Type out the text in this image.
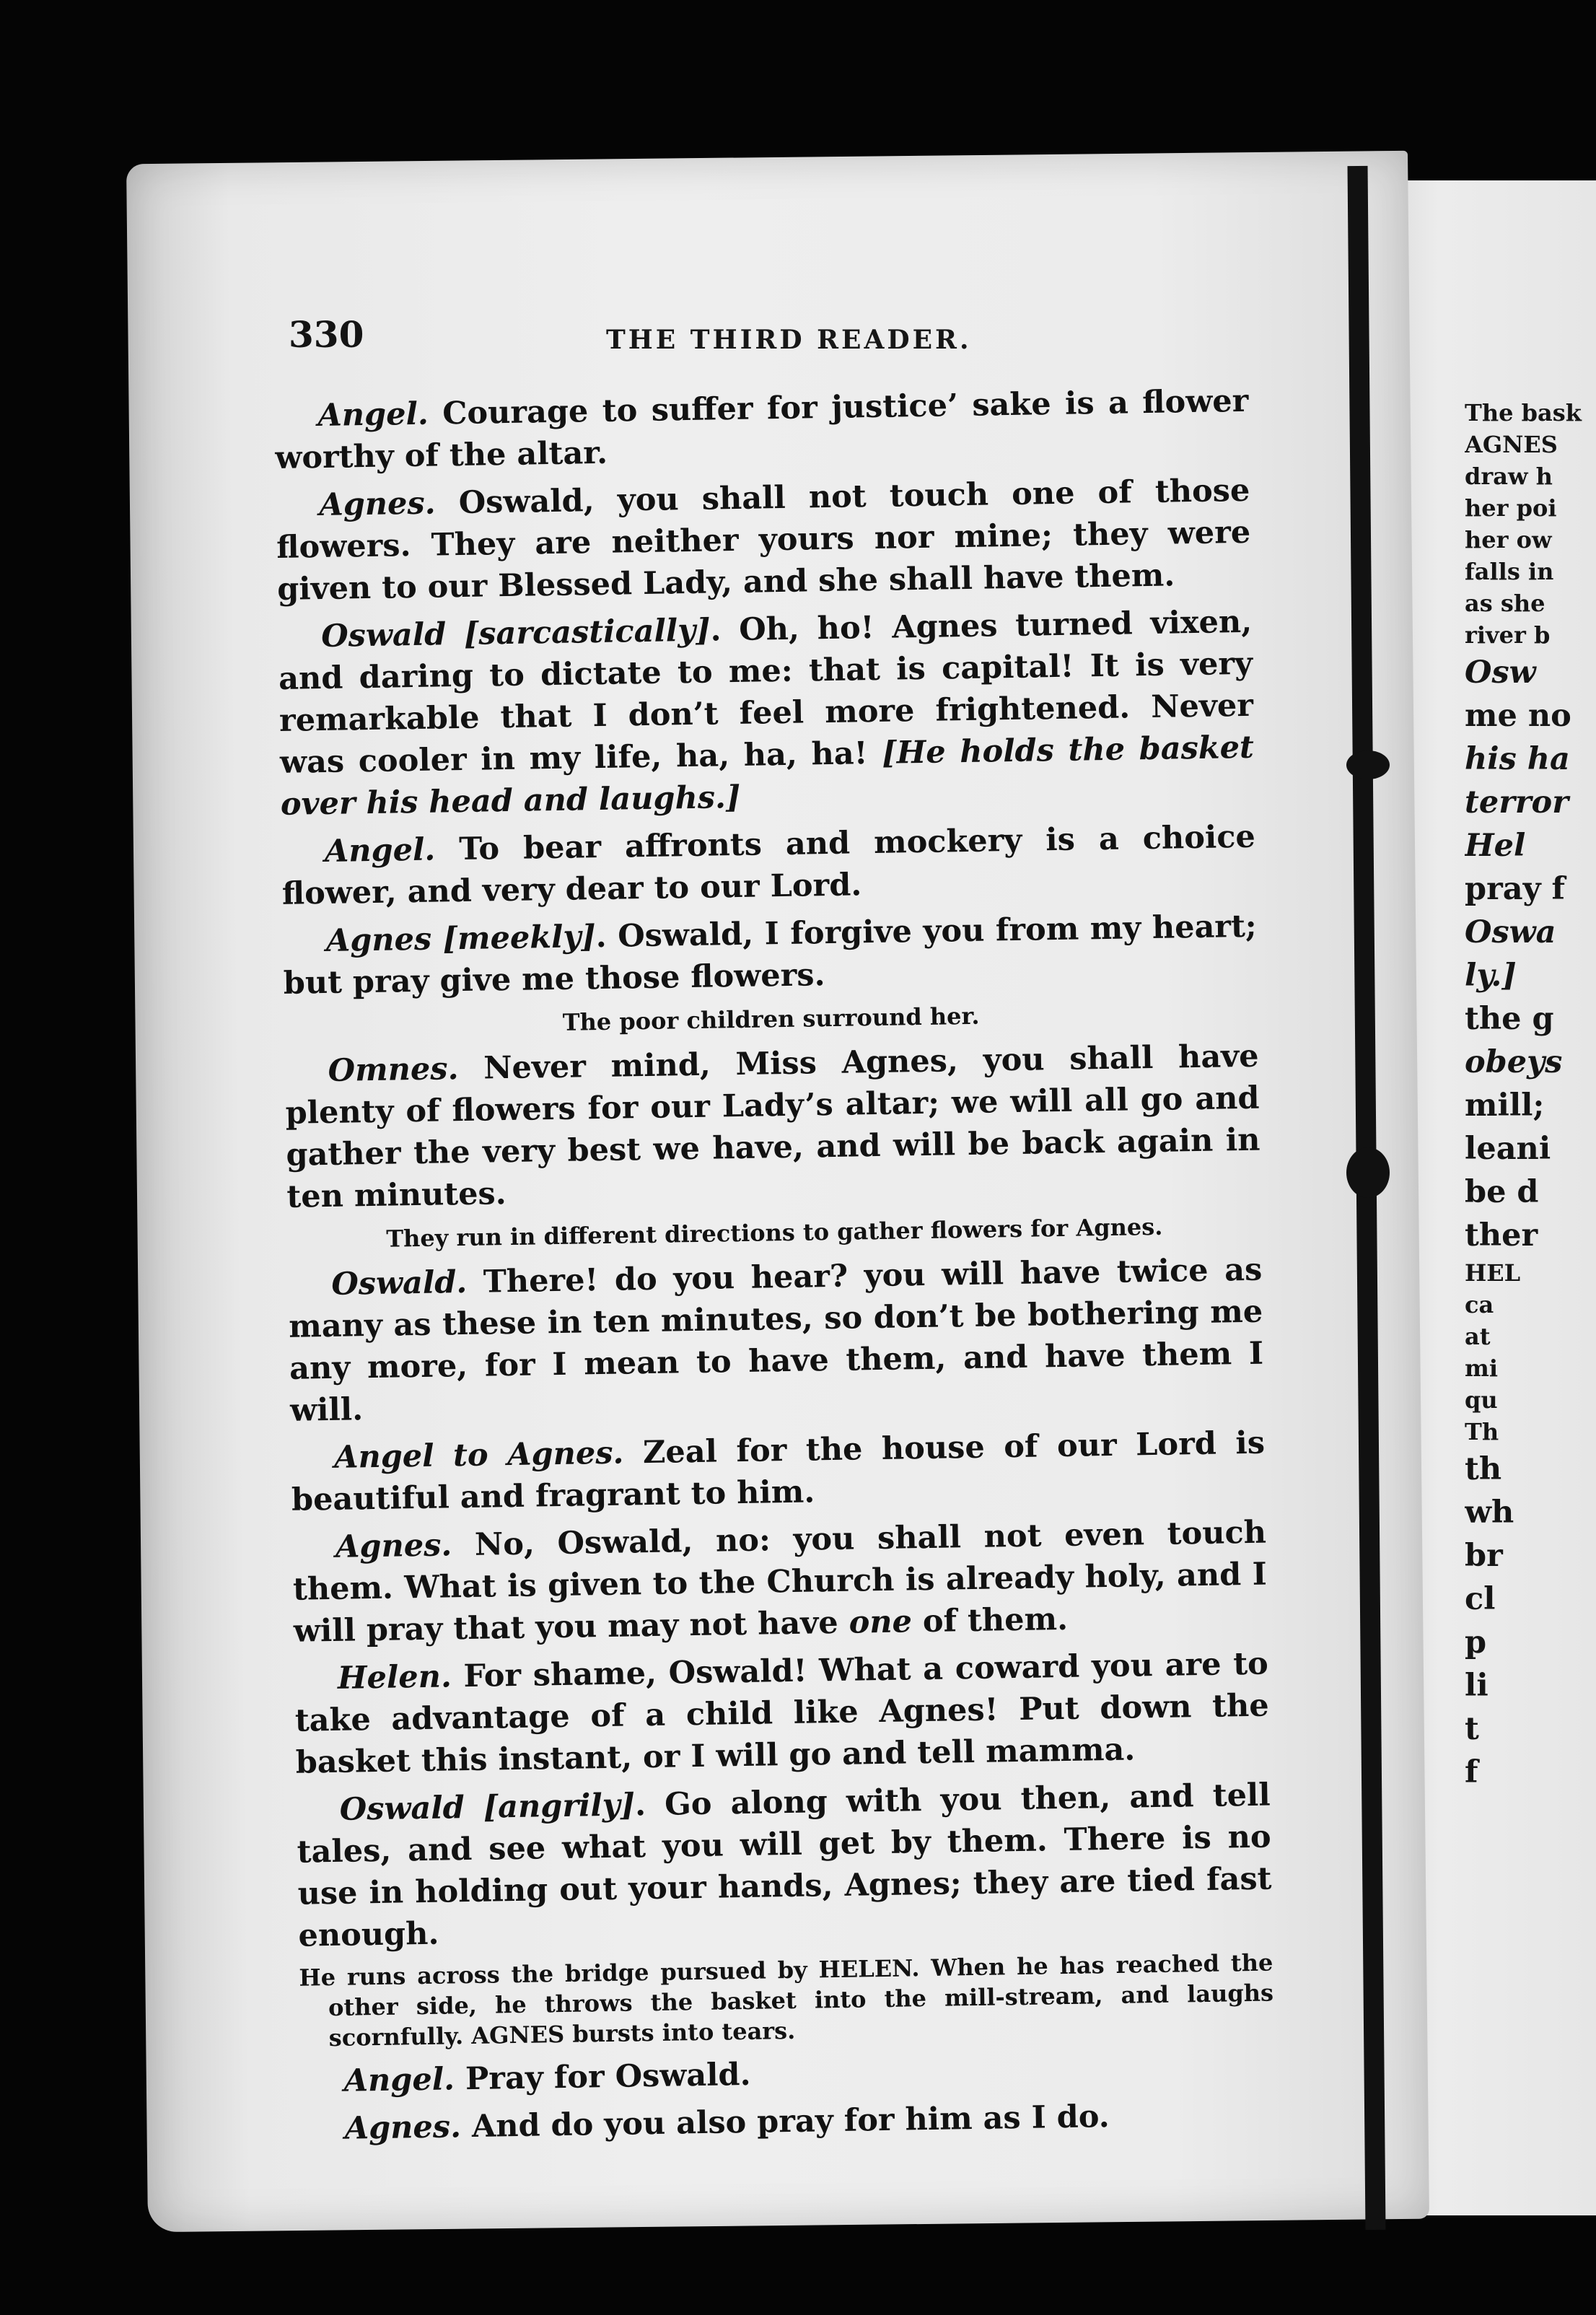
330	THE THIRD READER.

Angel. Courage to suffer for justice’ sake is a flower worthy of the altar.

Agnes. Oswald, you shall not touch one of those flowers. They are neither yours nor mine; they were given to our Blessed Lady, and she shall have them.

Oswald [sarcastically]. Oh, ho! Agnes turned vixen, and daring to dictate to me: that is capital! It is very remarkable that I don’t feel more frightened. Never was cooler in my life, ha, ha, ha! [He holds the basket over his head and laughs.]

Angel. To bear affronts and mockery is a choice flower, and very dear to our Lord.

Agnes [meekly]. Oswald, I forgive you from my heart; but pray give me those flowers.

The poor children surround her.

Omnes. Never mind, Miss Agnes, you shall have plenty of flowers for our Lady’s altar; we will all go and gather the very best we have, and will be back again in ten minutes.

They run in different directions to gather flowers for Agnes.

Oswald. There! do you hear? you will have twice as many as these in ten minutes, so don’t be bothering me any more, for I mean to have them, and have them I will.

Angel to Agnes. Zeal for the house of our Lord is beautiful and fragrant to him.

Agnes. No, Oswald, no: you shall not even touch them. What is given to the Church is already holy, and I will pray that you may not have one of them.

Helen. For shame, Oswald! What a coward you are to take advantage of a child like Agnes! Put down the basket this instant, or I will go and tell mamma.

Oswald [angrily]. Go along with you then, and tell tales, and see what you will get by them. There is no use in holding out your hands, Agnes; they are tied fast enough.

He runs across the bridge pursued by HELEN. When he has reached the other side, he throws the basket into the mill-stream, and laughs scornfully. AGNES bursts into tears.

Angel. Pray for Oswald.

Agnes. And do you also pray for him as I do.

The bask
AGNES
draw h
her poi
her ow
falls in
as she
river b
Osw
me no
his ha
terror
Hel
pray f
Oswa
ly.]
the g
obeys
mill;
leani
be d
ther
HEL
ca
at
mi
qu
Th
th
wh
br
cl
p
li
t
f
